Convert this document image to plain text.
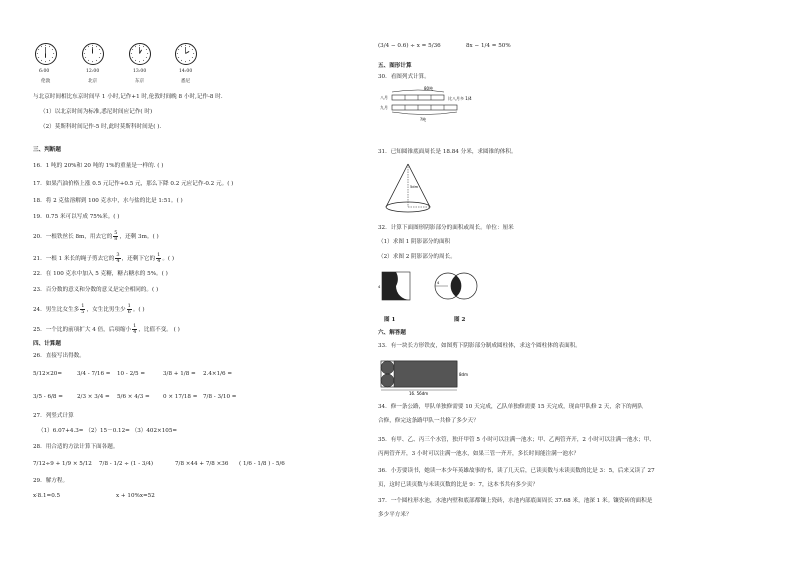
6:00
伦敦
12:00
北京
13:00
东京
14:00
悉尼
与北京时间相比东京时间早 1 小时,记作+1 时,伦敦时间晚 8 小时,记作-8 时.
（1）以北京时间为标准,悉尼时间应记作( 时)
（2）莫斯科时间记作-5 时,此时莫斯科时间是( ).
三、判断题
16．1 吨的 20%和 20 吨的 1%的重量是一样的. ( )
17．如果汽油价格上涨 0.5 元记作+0.5 元，那么下降 0.2 元应记作-0.2 元。( )
18．将 2 克盐溶解到 100 克水中，水与盐的比是 1:51。( )
19．0.75 米可以写成 75%米。( )
20．一根铁丝长 8m，用去它的 $\frac{5}{8}$ ，还剩 3m。( )
21．一根 1 米长的绳子剪去它的 $\frac{3}{4}$ ，还剩下它的 $\frac{1}{4}$ 。( )
22．在 100 克水中加入 5 克糖，糖占糖水的 5%。( )
23．百分数的意义和分数的意义是完全相同的。( )
24．男生比女生多 $\frac{1}{5}$ ，女生比男生少 $\frac{1}{6}$ 。( )
25．一个比的前项扩大 4 倍，后项缩小 $\frac{1}{4}$ ，比值不变。 ( )
四、计算题
26．直接写出得数。
5/12×20=	3/4 - 7/16 = 10 - 2/5 =	3/8 + 1/8 = 2.4×1/6 =
3/5 - 6/8 =	2/3 × 3/4 = 5/6 × 4/3 = 0 × 17/18 = 7/8 - 3/10 =
27．列竖式计算
（1）6.07+4.3= （2）15－0.12= （3）402×105=
28．用合适的方法计算下面各题。
7/12÷9 + 1/9 × 5/12 7/8 - 1/2 ÷ (1 - 3/4)	7/8 ×44 + 7/8 ×36 ( 1/6 - 1/8 ) - 5/6
29．解方程。
x∶8.1=0.5	x + 10%x=52
(3/4 − 0.6) ÷ x = 5/36	8x − 1/4 = 50%
五、图形计算
30．看图列式计算。
80吨
八月	比八月多 1/4
九月
?吨
31．已知圆锥底面周长是 18.84 分米，求圆锥的体积。
5dm
32．计算下面图形阴影部分的面积或周长。单位：厘米
（1）求图 1 阴影部分的面积
（2）求图 2 阴影部分的周长。
4
4
图 1	图 2
六、解答题
33．有一块长方形铁皮，如图剪下阴影部分制成圆柱体，求这个圆柱体的表面积。
8dm
16. 56dm
34．修一条公路，甲队单独修需要 10 天完成，乙队单独修需要 15 天完成，现由甲队修 2 天，余下的两队
合修，修完这条路甲队一共修了多少天？
35．有甲、乙、丙三个水管，独开甲管 5 小时可以注满一池水；甲、乙两管齐开，2 小时可以注满一池水；甲、
丙两管齐开，3 小时可以注满一池水，如果三管一齐开，多长时间能注满一池水？
36．小芳要读书，她读一本少年英雄故事的书，读了几天后，已读页数与未读页数的比是 3：5，后来又读了 27
页，这时已读页数与未读页数的比是 9：7，这本书共有多少页？
37．一个圆柱形水池，水池内壁和底部都镶上瓷砖，水池内部底面周长 37.68 米，池深 1 米。镶瓷砖的面积是
多少平方米？
